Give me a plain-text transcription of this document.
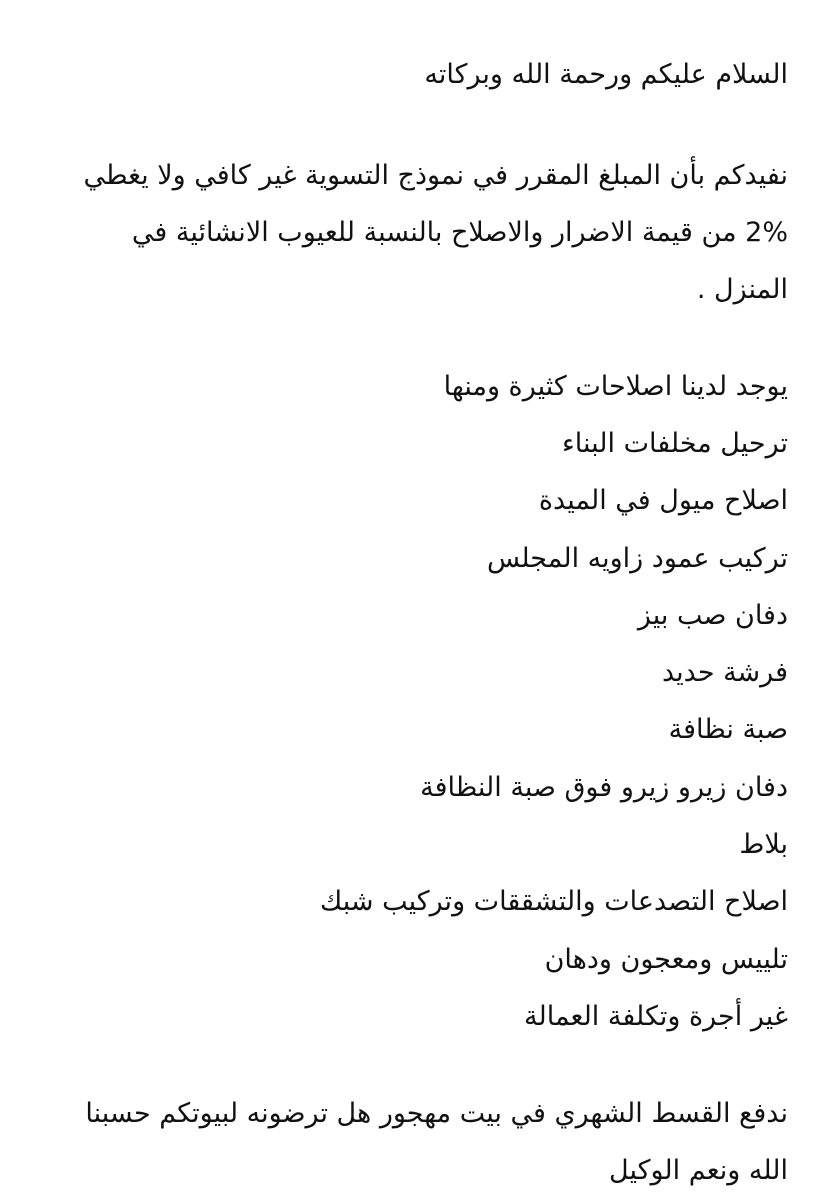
السلام عليكم ورحمة الله وبركاته

نفيدكم بأن المبلغ المقرر في نموذج التسوية غير كافي ولا يغطي

2% من قيمة الاضرار والاصلاح بالنسبة للعيوب الانشائية في

المنزل .

يوجد لدينا اصلاحات كثيرة ومنها

ترحيل مخلفات البناء
اصلاح ميول في الميدة
تركيب عمود زاويه المجلس
دفان صب بيز
فرشة حديد
صبة نظافة
دفان زيرو زيرو فوق صبة النظافة
بلاط
اصلاح التصدعات والتشققات وتركيب شبك
تلييس ومعجون ودهان
غير أجرة وتكلفة العمالة

ندفع القسط الشهري في بيت مهجور هل ترضونه لبيوتكم حسبنا

الله ونعم الوكيل
